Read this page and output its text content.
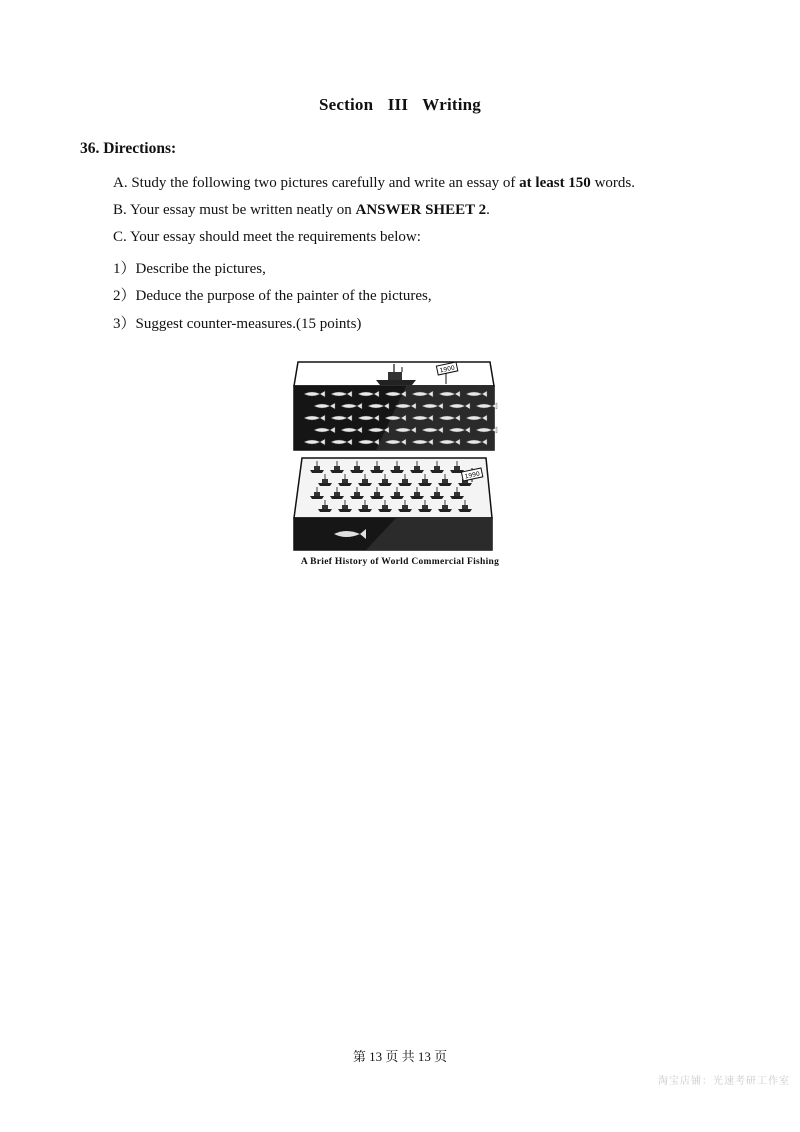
Section III Writing
36. Directions:
A. Study the following two pictures carefully and write an essay of at least 150 words.
B. Your essay must be written neatly on ANSWER SHEET 2.
C. Your essay should meet the requirements below:
1）Describe the pictures,
2）Deduce the purpose of the painter of the pictures,
3）Suggest counter-measures.(15 points)
1900
1990
A Brief History of World Commercial Fishing
第 13 页 共 13 页
淘宝店铺：光速考研工作室
